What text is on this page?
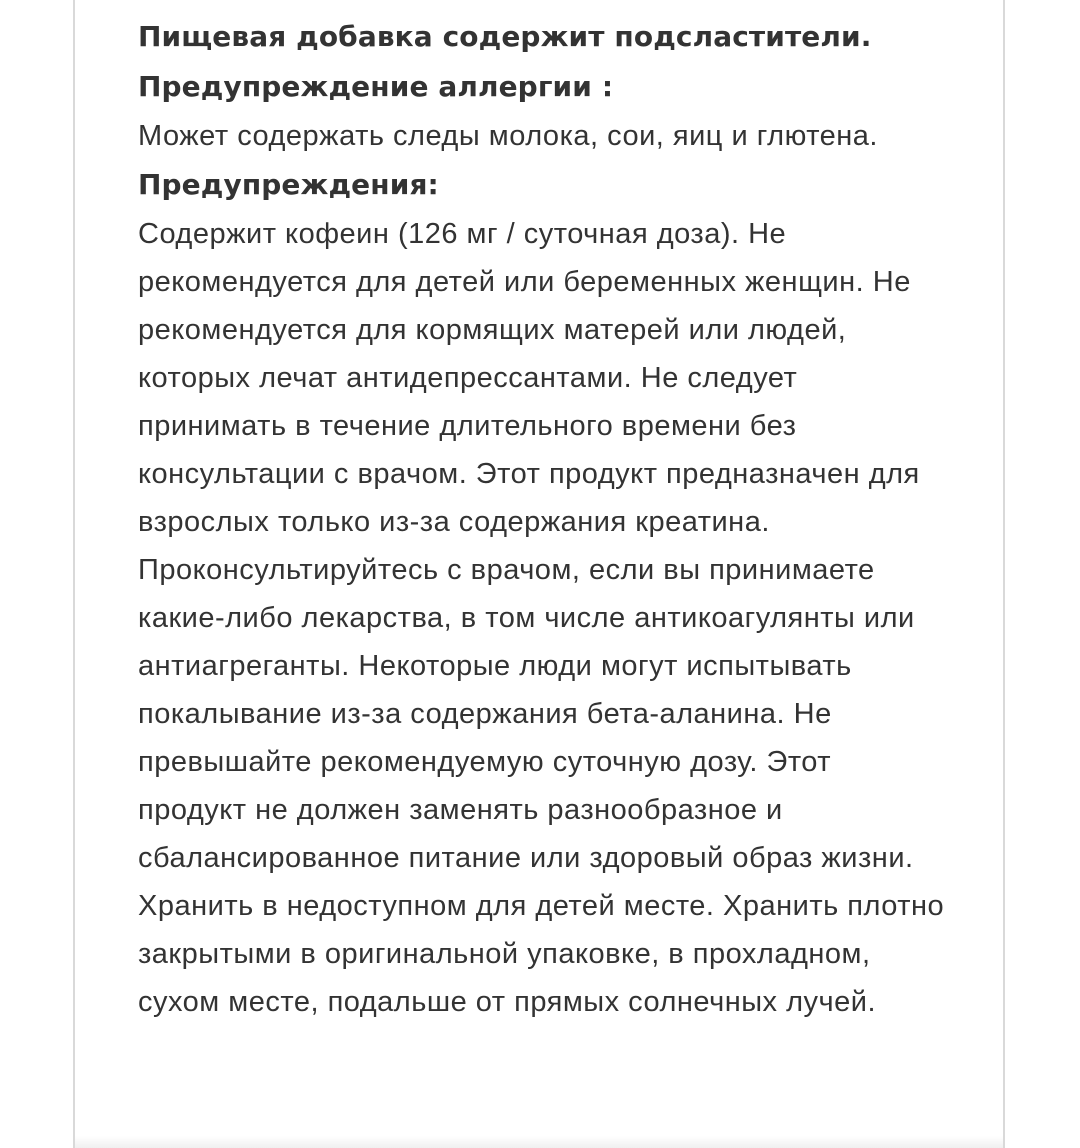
Пищевая добавка содержит подсластители.

Предупреждение аллергии :

Может содержать следы молока, сои, яиц и глютена.

Предупреждения:

Содержит кофеин (126 мг / суточная доза). Не рекомендуется для детей или беременных женщин. Не рекомендуется для кормящих матерей или людей, которых лечат антидепрессантами. Не следует принимать в течение длительного времени без консультации с врачом. Этот продукт предназначен для взрослых только из-за содержания креатина. Проконсультируйтесь с врачом, если вы принимаете какие-либо лекарства, в том числе антикоагулянты или антиагреганты. Некоторые люди могут испытывать покалывание из-за содержания бета-аланина. Не превышайте рекомендуемую суточную дозу. Этот продукт не должен заменять разнообразное и сбалансированное питание или здоровый образ жизни. Хранить в недоступном для детей месте. Хранить плотно закрытыми в оригинальной упаковке, в прохладном, сухом месте, подальше от прямых солнечных лучей.
